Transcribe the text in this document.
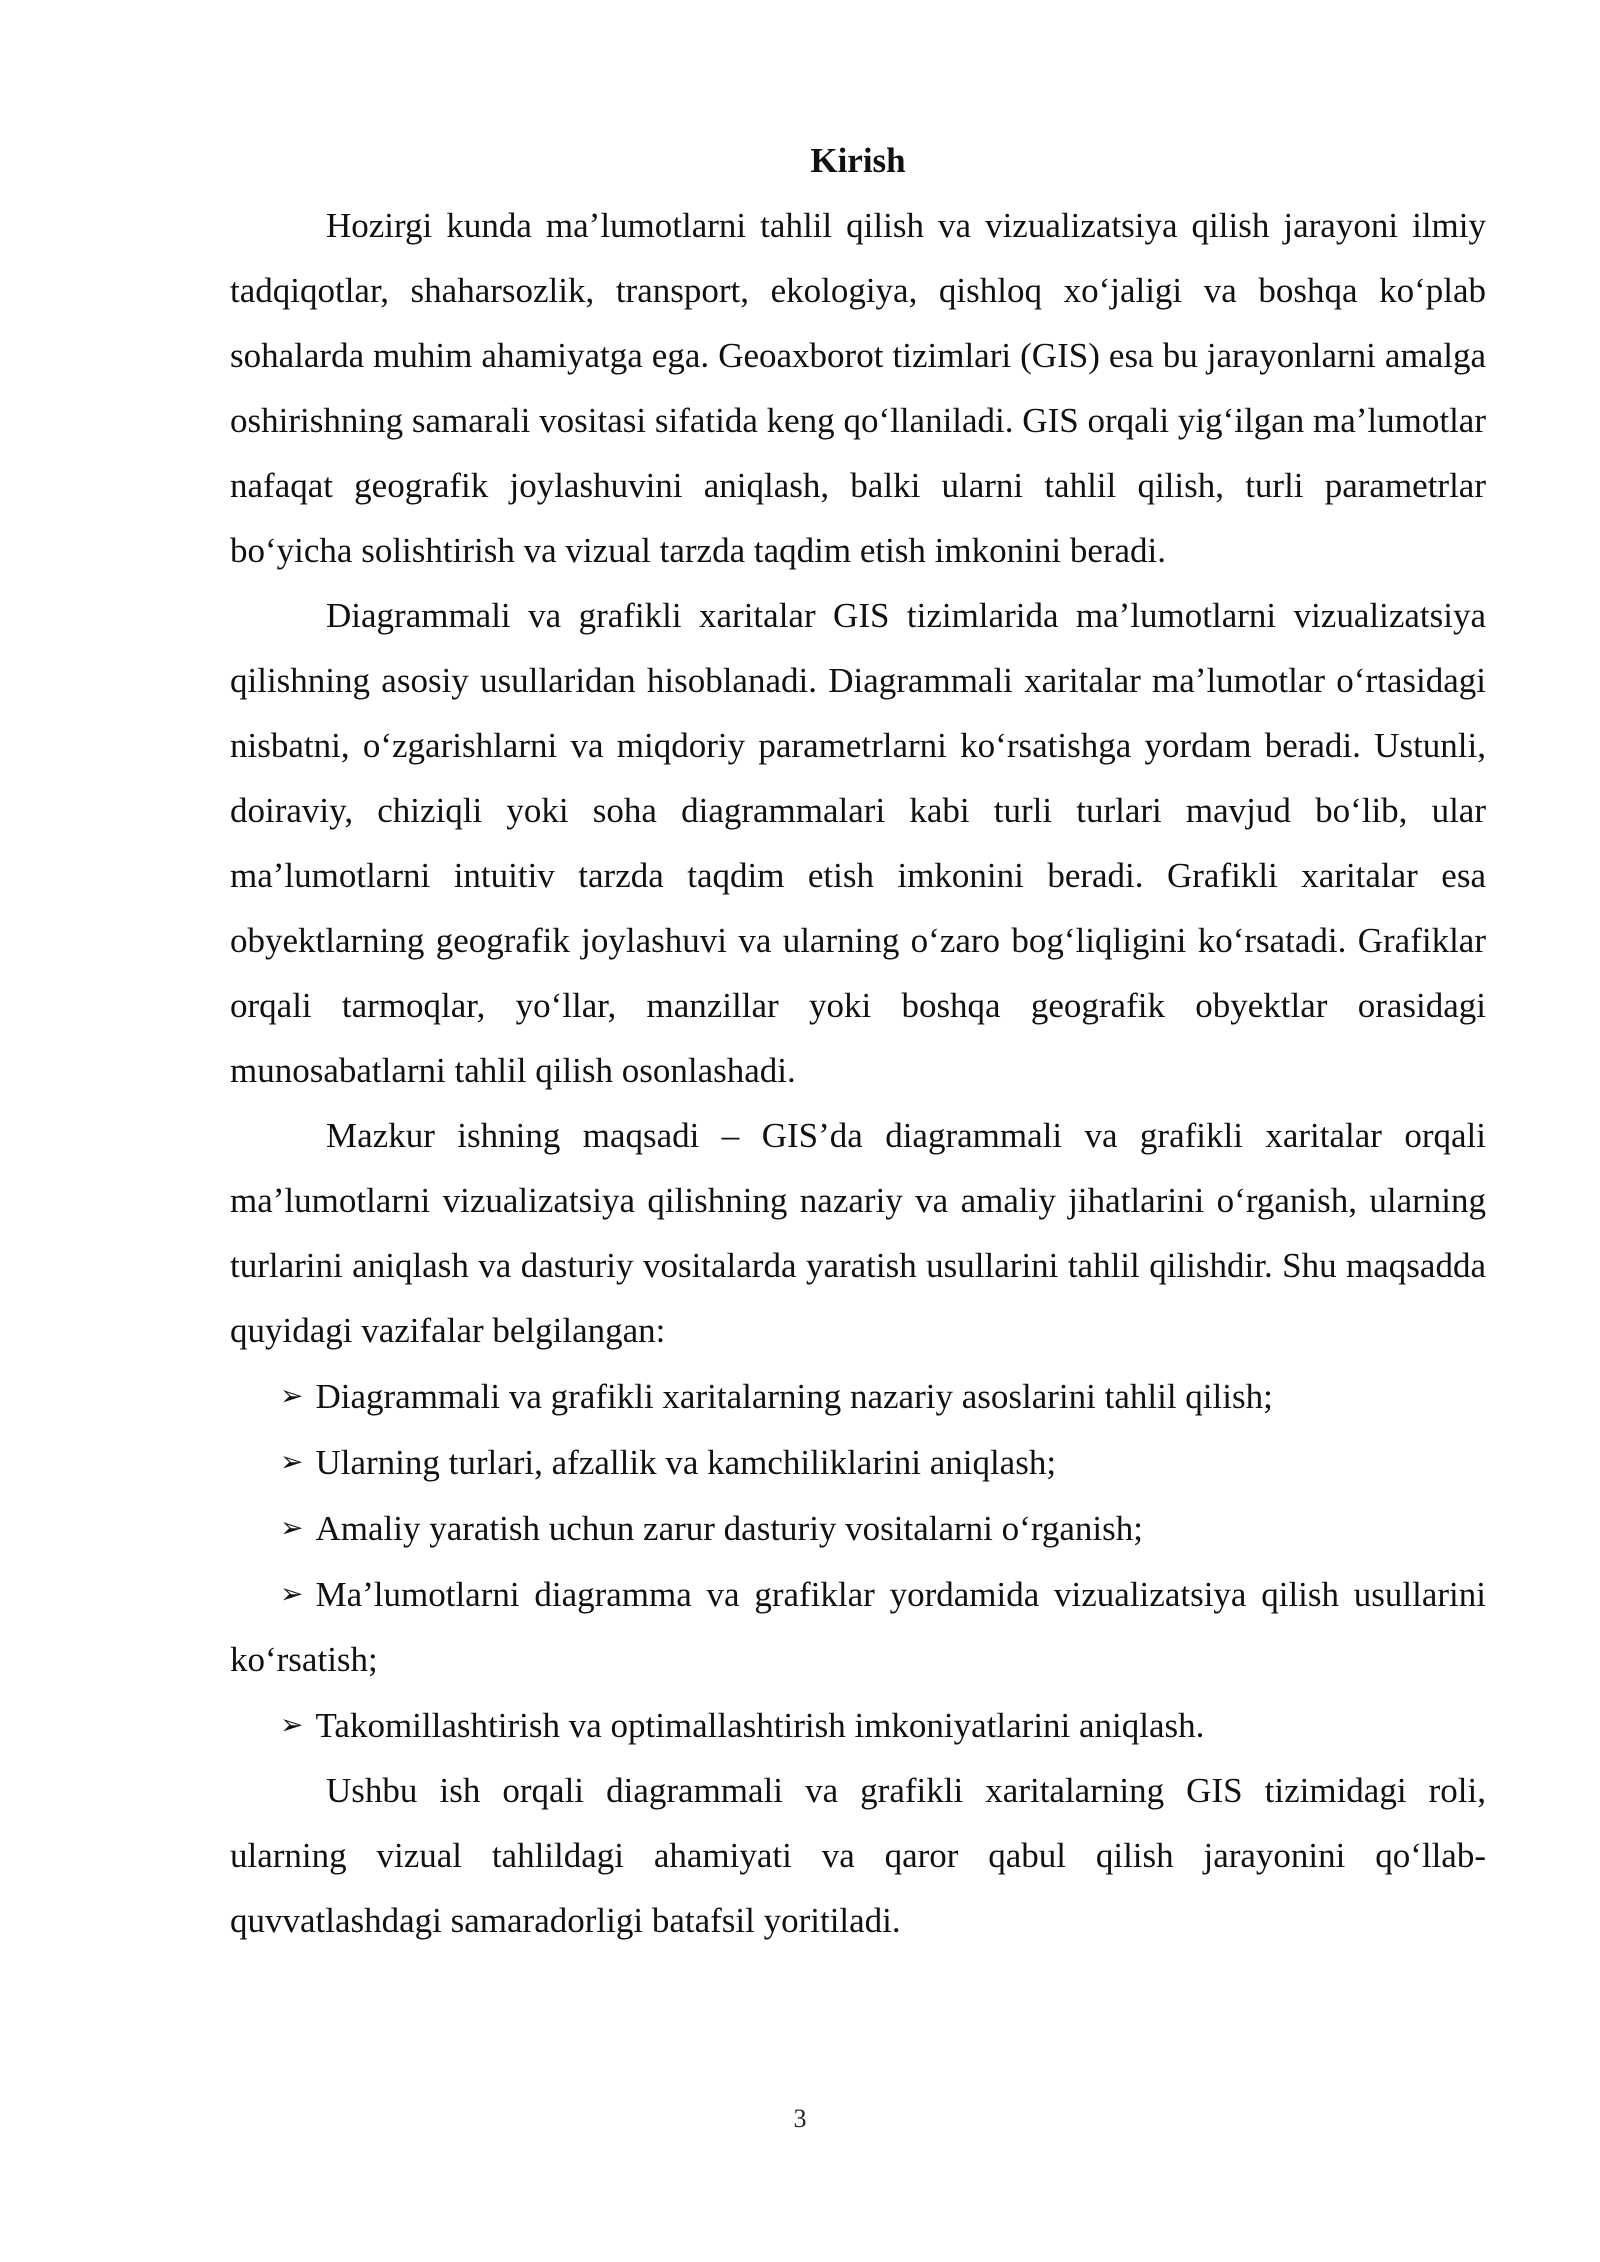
Kirish

Hozirgi kunda maʼlumotlarni tahlil qilish va vizualizatsiya qilish jarayoni ilmiy tadqiqotlar, shaharsozlik, transport, ekologiya, qishloq xoʻjaligi va boshqa koʻplab sohalarda muhim ahamiyatga ega. Geoaxborot tizimlari (GIS) esa bu jarayonlarni amalga oshirishning samarali vositasi sifatida keng qoʻllaniladi. GIS orqali yigʻilgan maʼlumotlar nafaqat geografik joylashuvini aniqlash, balki ularni tahlil qilish, turli parametrlar boʻyicha solishtirish va vizual tarzda taqdim etish imkonini beradi.

Diagrammali va grafikli xaritalar GIS tizimlarida maʼlumotlarni vizualizatsiya qilishning asosiy usullaridan hisoblanadi. Diagrammali xaritalar maʼlumotlar oʻrtasidagi nisbatni, oʻzgarishlarni va miqdoriy parametrlarni koʻrsatishga yordam beradi. Ustunli, doiraviy, chiziqli yoki soha diagrammalari kabi turli turlari mavjud boʻlib, ular maʼlumotlarni intuitiv tarzda taqdim etish imkonini beradi. Grafikli xaritalar esa obyektlarning geografik joylashuvi va ularning oʻzaro bogʻliqligini koʻrsatadi. Grafiklar orqali tarmoqlar, yoʻllar, manzillar yoki boshqa geografik obyektlar orasidagi munosabatlarni tahlil qilish osonlashadi.

Mazkur ishning maqsadi – GIS’da diagrammali va grafikli xaritalar orqali maʼlumotlarni vizualizatsiya qilishning nazariy va amaliy jihatlarini oʻrganish, ularning turlarini aniqlash va dasturiy vositalarda yaratish usullarini tahlil qilishdir. Shu maqsadda quyidagi vazifalar belgilangan:

➢ Diagrammali va grafikli xaritalarning nazariy asoslarini tahlil qilish;

➢ Ularning turlari, afzallik va kamchiliklarini aniqlash;

➢ Amaliy yaratish uchun zarur dasturiy vositalarni oʻrganish;

➢ Maʼlumotlarni diagramma va grafiklar yordamida vizualizatsiya qilish usullarini koʻrsatish;

➢ Takomillashtirish va optimallashtirish imkoniyatlarini aniqlash.

Ushbu ish orqali diagrammali va grafikli xaritalarning GIS tizimidagi roli, ularning vizual tahlildagi ahamiyati va qaror qabul qilish jarayonini qoʻllab-quvvatlashdagi samaradorligi batafsil yoritiladi.

3
